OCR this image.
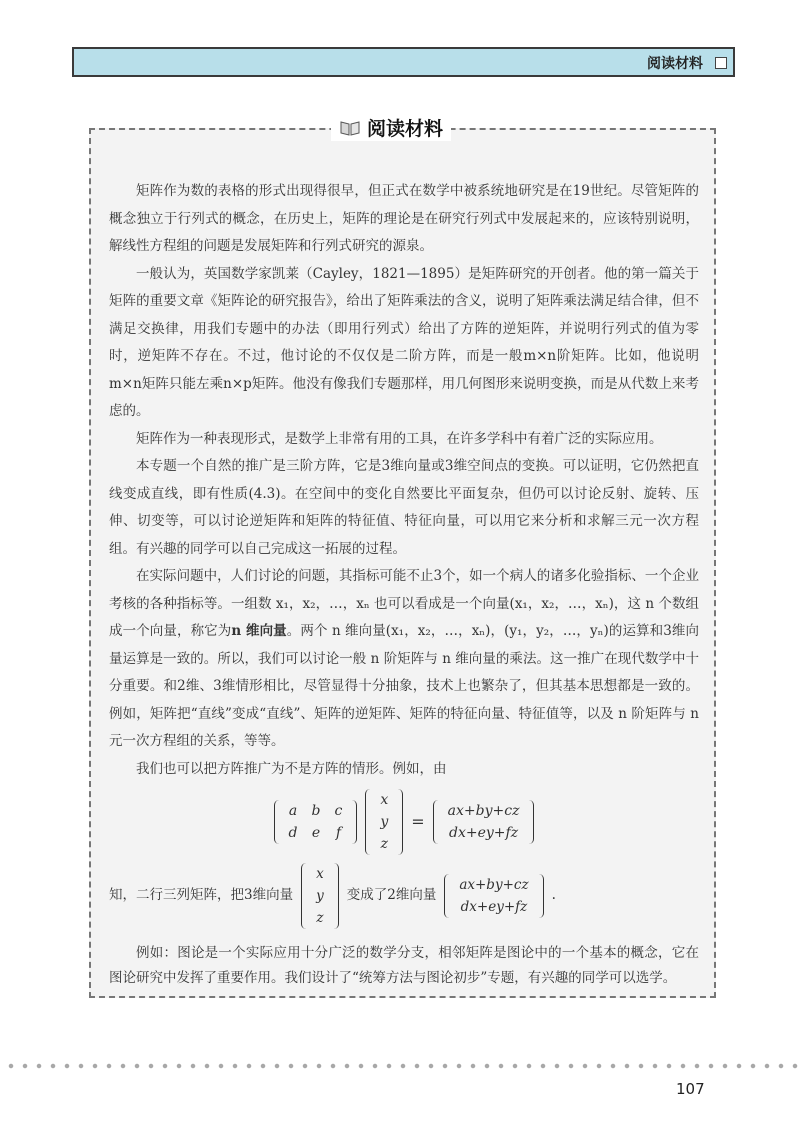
阅读材料
阅读材料

矩阵作为数的表格的形式出现得很早，但正式在数学中被系统地研究是在19世纪。尽管矩阵的概念独立于行列式的概念，在历史上，矩阵的理论是在研究行列式中发展起来的，应该特别说明，解线性方程组的问题是发展矩阵和行列式研究的源泉。

一般认为，英国数学家凯莱（Cayley，1821—1895）是矩阵研究的开创者。他的第一篇关于矩阵的重要文章《矩阵论的研究报告》，给出了矩阵乘法的含义，说明了矩阵乘法满足结合律，但不满足交换律，用我们专题中的办法（即用行列式）给出了方阵的逆矩阵，并说明行列式的值为零时，逆矩阵不存在。不过，他讨论的不仅仅是二阶方阵，而是一般m×n阶矩阵。比如，他说明m×n矩阵只能左乘n×p矩阵。他没有像我们专题那样，用几何图形来说明变换，而是从代数上来考虑的。

矩阵作为一种表现形式，是数学上非常有用的工具，在许多学科中有着广泛的实际应用。

本专题一个自然的推广是三阶方阵，它是3维向量或3维空间点的变换。可以证明，它仍然把直线变成直线，即有性质(4.3)。在空间中的变化自然要比平面复杂，但仍可以讨论反射、旋转、压伸、切变等，可以讨论逆矩阵和矩阵的特征值、特征向量，可以用它来分析和求解三元一次方程组。有兴趣的同学可以自己完成这一拓展的过程。

在实际问题中，人们讨论的问题，其指标可能不止3个，如一个病人的诸多化验指标、一个企业考核的各种指标等。一组数 x₁，x₂，…，xₙ 也可以看成是一个向量(x₁，x₂，…，xₙ)，这 n 个数组成一个向量，称它为n 维向量。两个 n 维向量(x₁，x₂，…，xₙ)，(y₁，y₂，…，yₙ)的运算和3维向量运算是一致的。所以，我们可以讨论一般 n 阶矩阵与 n 维向量的乘法。这一推广在现代数学中十分重要。和2维、3维情形相比，尽管显得十分抽象，技术上也繁杂了，但其基本思想都是一致的。例如，矩阵把“直线”变成“直线”、矩阵的逆矩阵、矩阵的特征向量、特征值等，以及 n 阶矩阵与 n 元一次方程组的关系，等等。

我们也可以把方阵推广为不是方阵的情形。例如，由

a	b	c
d	e	f
x
y
z
=
ax+by+cz
dx+ey+fz
知，二行三列矩阵，把3维向量
x
y
z
变成了2维向量
ax+by+cz
dx+ey+fz
.

例如：图论是一个实际应用十分广泛的数学分支，相邻矩阵是图论中的一个基本的概念，它在图论研究中发挥了重要作用。我们设计了“统筹方法与图论初步”专题，有兴趣的同学可以选学。

107
